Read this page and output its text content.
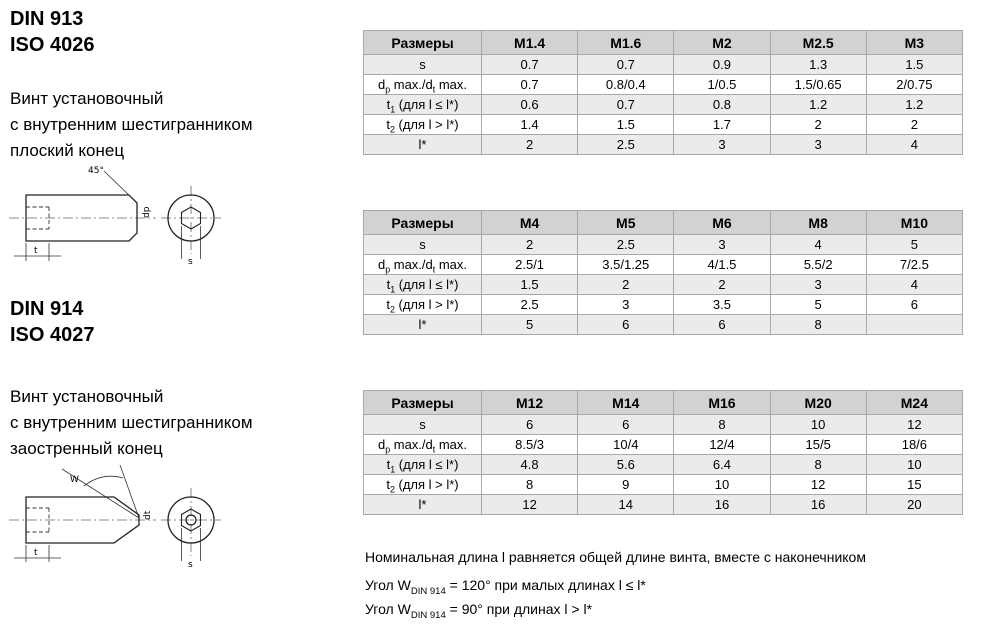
DIN 913
ISO 4026
Винт установочный
с внутренним шестигранником
плоский конец
45°
t
dp
s
DIN 914
ISO 4027
Винт установочный
с внутренним шестигранником
заостренный конец
W
t
dt
s
Размеры	M1.4	M1.6	M2	M2.5	M3
s	0.7	0.7	0.9	1.3	1.5
$d_p$ $\max./d_t$ max.	0.7	0.8/0.4	1/0.5	1.5/0.65	2/0.75
$t_1$ (для l ≤ l*)	0.6	0.7	0.8	1.2	1.2
$t_2$ (для l > l*)	1.4	1.5	1.7	2	2
l*	2	2.5	3	3	4
Размеры	M4	M5	M6	M8	M10
s	2	2.5	3	4	5
$d_p$ $\max./d_t$ max.	2.5/1	3.5/1.25	4/1.5	5.5/2	7/2.5
$t_1$ (для l ≤ l*)	1.5	2	2	3	4
$t_2$ (для l > l*)	2.5	3	3.5	5	6
l*	5	6	6	8	
Размеры	M12	M14	M16	M20	M24
s	6	6	8	10	12
$d_p$ $\max./d_t$ max.	8.5/3	10/4	12/4	15/5	18/6
$t_1$ (для l ≤ l*)	4.8	5.6	6.4	8	10
$t_2$ (для l > l*)	8	9	10	12	15
l*	12	14	16	16	20
Номинальная длина l равняется общей длине винта, вместе с наконечником
Угол $W_{DIN 914} = 120^\circ$ при малых длинах l ≤ l*
Угол $W_{DIN 914} = 90^\circ$ при длинах l > l*
